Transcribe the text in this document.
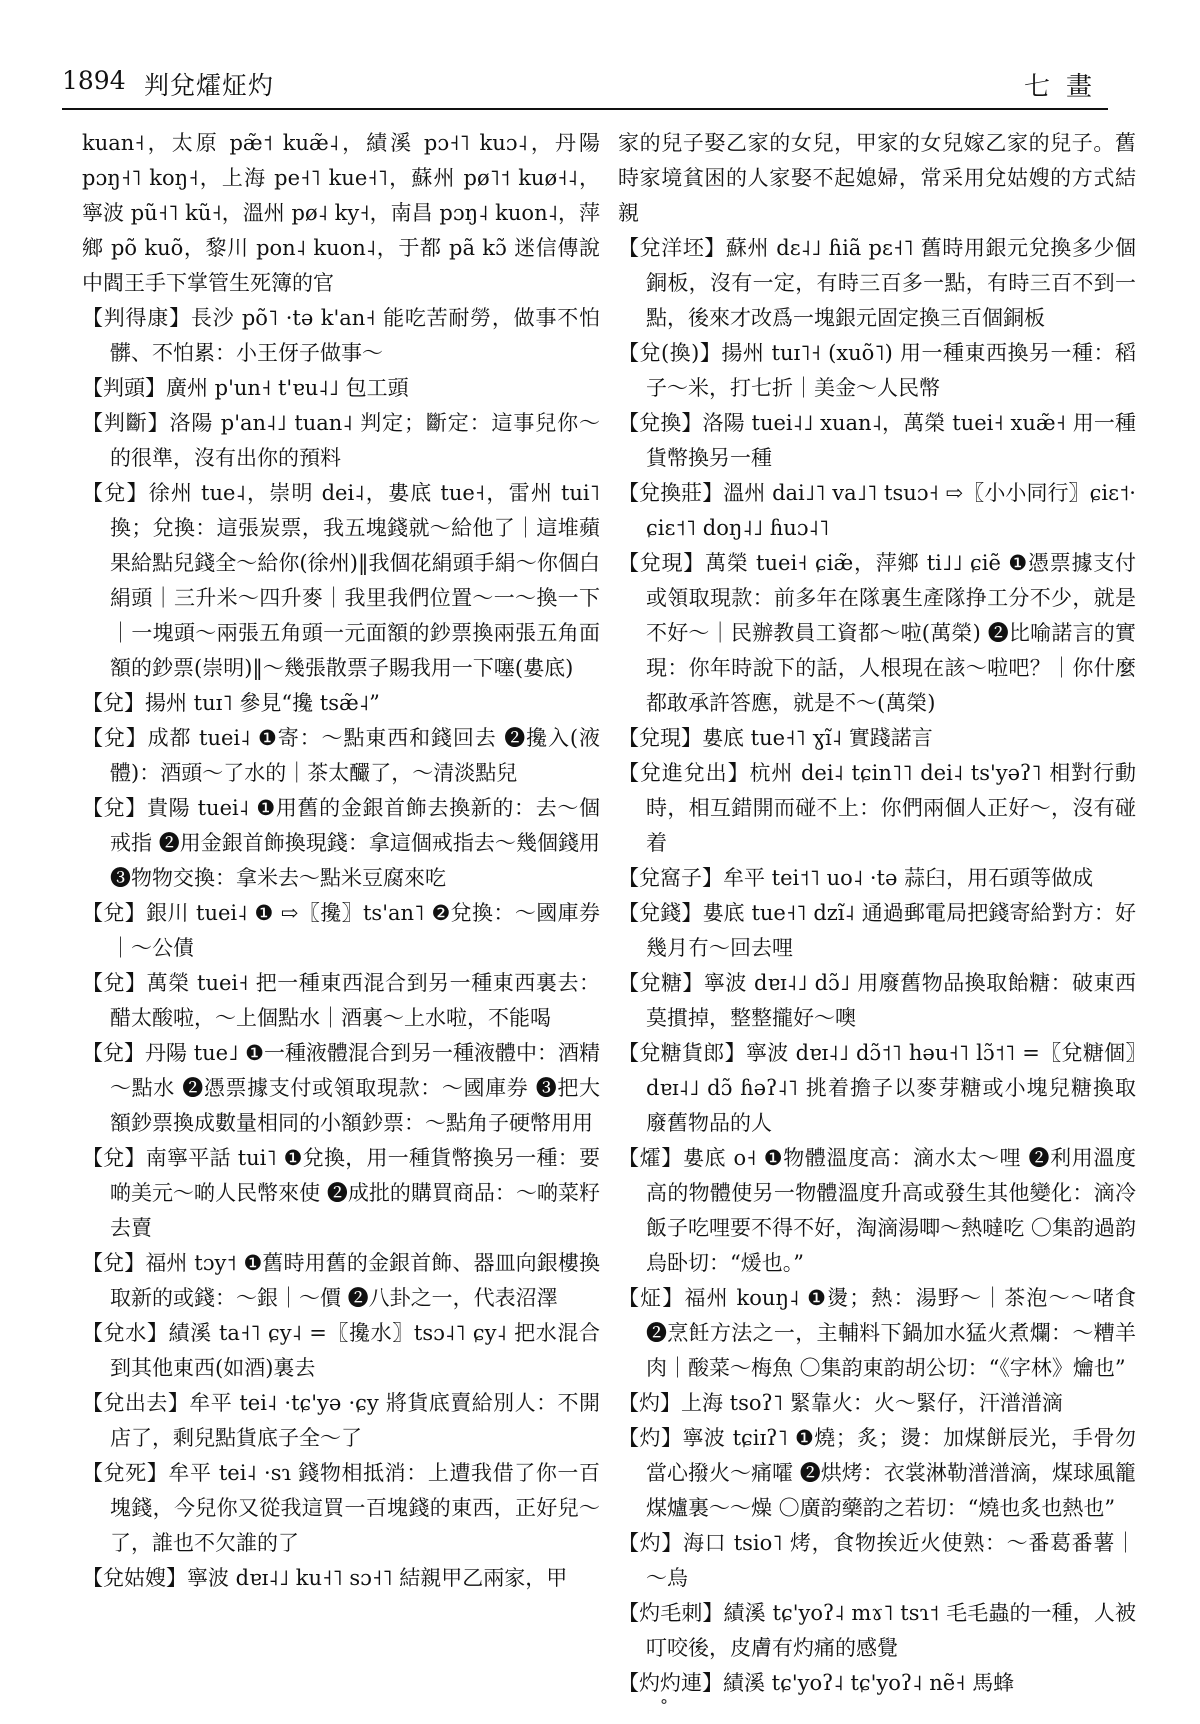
1894 判兌㸌炡灼	七畫

kuan˧，太原 pæ̃˦ kuæ̃˨，績溪 pɔ˧˥ kuɔ˨，丹陽 pɔŋ˧˥ koŋ˧，上海 pe˧˥ kue˧˥，蘇州 pø˥˦ kuø˧˨，寧波 pũ˧˥ kũ˧，溫州 pø˨ ky˧，南昌 pɔŋ˨ kuon˨，萍鄉 põ kuõ，黎川 pon˨ kuon˨，于都 pã kɔ̃ 迷信傳說中閻王手下掌管生死簿的官

【判得康】長沙 põ˥ ·tə k'an˧ 能吃苦耐勞，做事不怕髒、不怕累：小王伢子做事～

【判頭】廣州 p'un˧ t'ɐu˨˩ 包工頭

【判斷】洛陽 p'an˨˩ tuan˨ 判定；斷定：這事兒你～的很準，沒有出你的預料

【兌】徐州 tue˨，崇明 dei˨，婁底 tue˧，雷州 tui˥ 換；兌換：這張炭票，我五塊錢就～給他了｜這堆蘋果給點兒錢全～給你(徐州)‖我個花絹頭手絹～你個白絹頭｜三升米～四升麥｜我里我們位置～一～換一下｜一塊頭～兩張五角頭一元面額的鈔票換兩張五角面額的鈔票(崇明)‖～幾張散票子賜我用一下噻(婁底)

【兌】揚州 tuɪ˥ 參見“攙 tsæ̃˨”

【兌】成都 tuei˨ ❶寄：～點東西和錢回去 ❷攙入(液體)：酒頭～了水的｜茶太釅了，～清淡點兒

【兌】貴陽 tuei˨ ❶用舊的金銀首飾去換新的：去～個戒指 ❷用金銀首飾換現錢：拿這個戒指去～幾個錢用 ❸物物交換：拿米去～點米豆腐來吃

【兌】銀川 tuei˨ ❶ ⇨〖攙〗ts'an˥ ❷兌換：～國庫券｜～公債

【兌】萬榮 tuei˧ 把一種東西混合到另一種東西裏去：醋太酸啦，～上個點水｜酒裏～上水啦，不能喝

【兌】丹陽 tue˩ ❶一種液體混合到另一種液體中：酒精～點水 ❷憑票據支付或領取現款：～國庫券 ❸把大額鈔票換成數量相同的小額鈔票：～點角子硬幣用用

【兌】南寧平話 tui˥ ❶兌換，用一種貨幣換另一種：要啲美元～啲人民幣來使 ❷成批的購買商品：～啲菜籽去賣

【兌】福州 tɔy˦ ❶舊時用舊的金銀首飾、器皿向銀樓換取新的或錢：～銀｜～價 ❷八卦之一，代表沼澤

【兌水】績溪 ta˧˥ ɕy˨ =〖攙水〗tsɔ˨˥ ɕy˨ 把水混合到其他東西(如酒)裏去

【兌出去】牟平 tei˨ ·tɕ'yə ·ɕy 將貨底賣給別人：不開店了，剩兒點貨底子全～了

【兌死】牟平 tei˨ ·sɿ 錢物相抵消：上遭我借了你一百塊錢，今兒你又從我這買一百塊錢的東西，正好兒～了，誰也不欠誰的了

【兌姑嫂】寧波 dɐɪ˨˩ ku˧˥ sɔ˧˥ 結親甲乙兩家，甲

家的兒子娶乙家的女兒，甲家的女兒嫁乙家的兒子。舊時家境貧困的人家娶不起媳婦，常采用兌姑嫂的方式結親

【兌洋坯】蘇州 dɛ˨˩ ɦiã pɛ˧˥ 舊時用銀元兌換多少個銅板，沒有一定，有時三百多一點，有時三百不到一點，後來才改爲一塊銀元固定換三百個銅板

【兌(換)】揚州 tuɪ˥˧ (xuõ˥) 用一種東西換另一種：稻子～米，打七折｜美金～人民幣

【兌換】洛陽 tuei˨˩ xuan˨，萬榮 tuei˧ xuæ̃˧ 用一種貨幣換另一種

【兌換莊】溫州 dai˩˥ va˩˥ tsuɔ˧ ⇨〖小小同行〗ɕiɛ˦· ɕiɛ˦˥ doŋ˨˩ ɦuɔ˨˥

【兌現】萬榮 tuei˧ ɕiæ̃，萍鄉 ti˩˩ ɕiẽ ❶憑票據支付或領取現款：前多年在隊裏生產隊挣工分不少，就是不好～｜民辦教員工資都～啦(萬榮) ❷比喻諾言的實現：你年時說下的話，人根現在該～啦吧？｜你什麼都敢承許答應，就是不～(萬榮)

【兌現】婁底 tue˧˥ ɣĩ˨ 實踐諾言

【兌進兌出】杭州 dei˨ tɕin˥˥ dei˨ ts'yəʔ˥ 相對行動時，相互錯開而碰不上：你們兩個人正好～，沒有碰着

【兌窩子】牟平 tei˦˥ uo˨ ·tə 蒜臼，用石頭等做成

【兌錢】婁底 tue˧˥ dzĩ˨ 通過郵電局把錢寄給對方：好幾月冇～回去哩

【兌糖】寧波 dɐɪ˨˩ dɔ̃˩ 用廢舊物品換取飴糖：破東西莫摜掉，整整攏好～噢

【兌糖貨郎】寧波 dɐɪ˨˩ dɔ̃˦˥ həu˧˥ lɔ̃˦˥ =〖兌糖個〗dɐɪ˨˩ dɔ̃ ɦəʔ˨˥ 挑着擔子以麥芽糖或小塊兒糖換取廢舊物品的人

【㸌】婁底 o˧ ❶物體溫度高：滴水太～哩 ❷利用溫度高的物體使另一物體溫度升高或發生其他變化：滴冷飯子吃哩要不得不好，淘滴湯唧～熱噠吃 〇集韵過韵烏卧切：“煖也。”

【炡】福州 kouŋ˨ ❶燙；熱：湯野～｜茶泡～～啫食 ❷烹飪方法之一，主輔料下鍋加水猛火煮爛：～糟羊肉｜酸菜～梅魚 〇集韵東韵胡公切：“《字林》爚也”

【灼】上海 tsoʔ˥ 緊靠火：火～緊仔，汗潽潽滴

【灼】寧波 tɕiɪʔ˥ ❶燒；炙；燙：加煤餅辰光，手骨勿當心撥火～痛嚯 ❷烘烤：衣裳淋勒潽潽滴，煤球風籠煤爐裏～～燥 〇廣韵藥韵之若切：“燒也炙也熱也”

【灼】海口 tsio˥ 烤，食物挨近火使熟：～番葛番薯｜～烏

【灼毛刺】績溪 tɕ'yoʔ˨ mɤ˥ tsɿ˦ 毛毛蟲的一種，人被叮咬後，皮膚有灼痛的感覺

【灼灼連】績溪 tɕ'yoʔ˨ tɕ'yoʔ˨ nẽ˧ 馬蜂

°
